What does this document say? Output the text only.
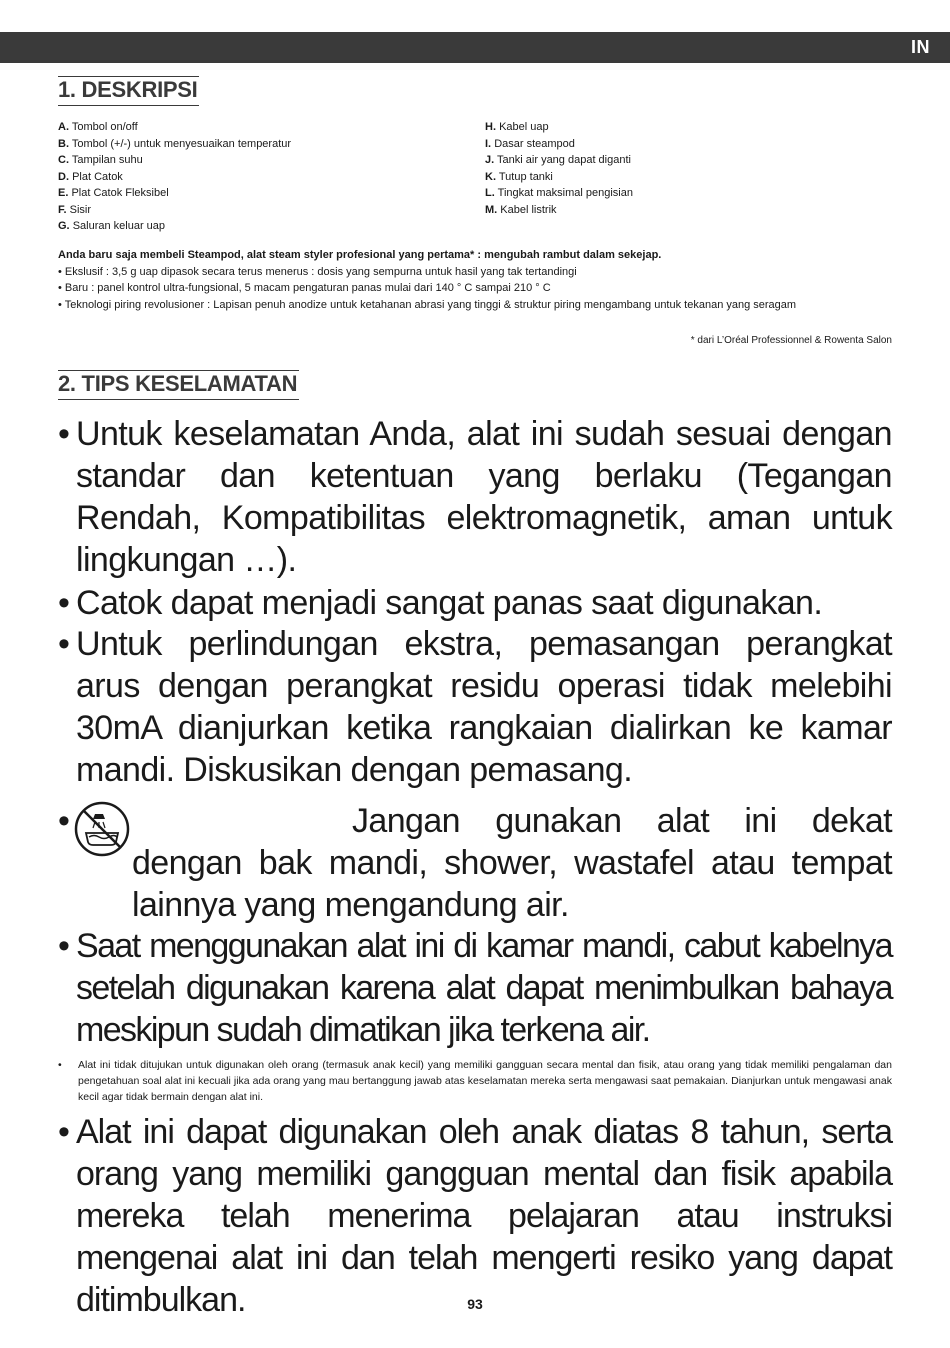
IN
1. DESKRIPSI
A. Tombol on/off
B. Tombol (+/-) untuk menyesuaikan temperatur
C. Tampilan suhu
D. Plat Catok
E. Plat Catok Fleksibel
F. Sisir
G. Saluran keluar uap
H. Kabel uap
I. Dasar steampod
J. Tanki air yang dapat diganti
K. Tutup tanki
L. Tingkat maksimal pengisian
M. Kabel listrik
Anda baru saja membeli Steampod, alat steam styler profesional yang pertama* : mengubah rambut dalam sekejap.
• Ekslusif : 3,5 g uap dipasok secara terus menerus : dosis yang sempurna untuk hasil yang tak tertandingi
• Baru : panel kontrol ultra-fungsional, 5 macam pengaturan panas mulai dari 140 ° C sampai 210 ° C
• Teknologi piring revolusioner : Lapisan penuh anodize untuk ketahanan abrasi yang tinggi & struktur piring mengambang untuk tekanan yang seragam
* dari L’Oréal Professionnel & Rowenta Salon
2. TIPS KESELAMATAN
• Untuk keselamatan Anda, alat ini sudah sesuai dengan standar dan ketentuan yang berlaku (Tegangan Rendah, Kompatibilitas elektromagnetik, aman untuk lingkungan …).
• Catok dapat menjadi sangat panas saat digunakan.
• Untuk perlindungan ekstra, pemasangan perangkat arus dengan perangkat residu operasi tidak melebihi 30mA dianjurkan ketika rangkaian dialirkan ke kamar mandi. Diskusikan dengan pemasang.
•	Jangan gunakan alat ini dekat dengan bak mandi, shower, wastafel atau tempat lainnya yang mengandung air.
• Saat menggunakan alat ini di kamar mandi, cabut kabelnya setelah digunakan karena alat dapat menimbulkan bahaya meskipun sudah dimatikan jika terkena air.
•	Alat ini tidak ditujukan untuk digunakan oleh orang (termasuk anak kecil) yang memiliki gangguan secara mental dan fisik, atau orang yang tidak memiliki pengalaman dan pengetahuan soal alat ini kecuali jika ada orang yang mau bertanggung jawab atas keselamatan mereka serta mengawasi saat pemakaian. Dianjurkan untuk mengawasi anak kecil agar tidak bermain dengan alat ini.
• Alat ini dapat digunakan oleh anak diatas 8 tahun, serta orang yang memiliki gangguan mental dan fisik apabila mereka telah menerima pelajaran atau instruksi mengenai alat ini dan telah mengerti resiko yang dapat ditimbulkan.	93
